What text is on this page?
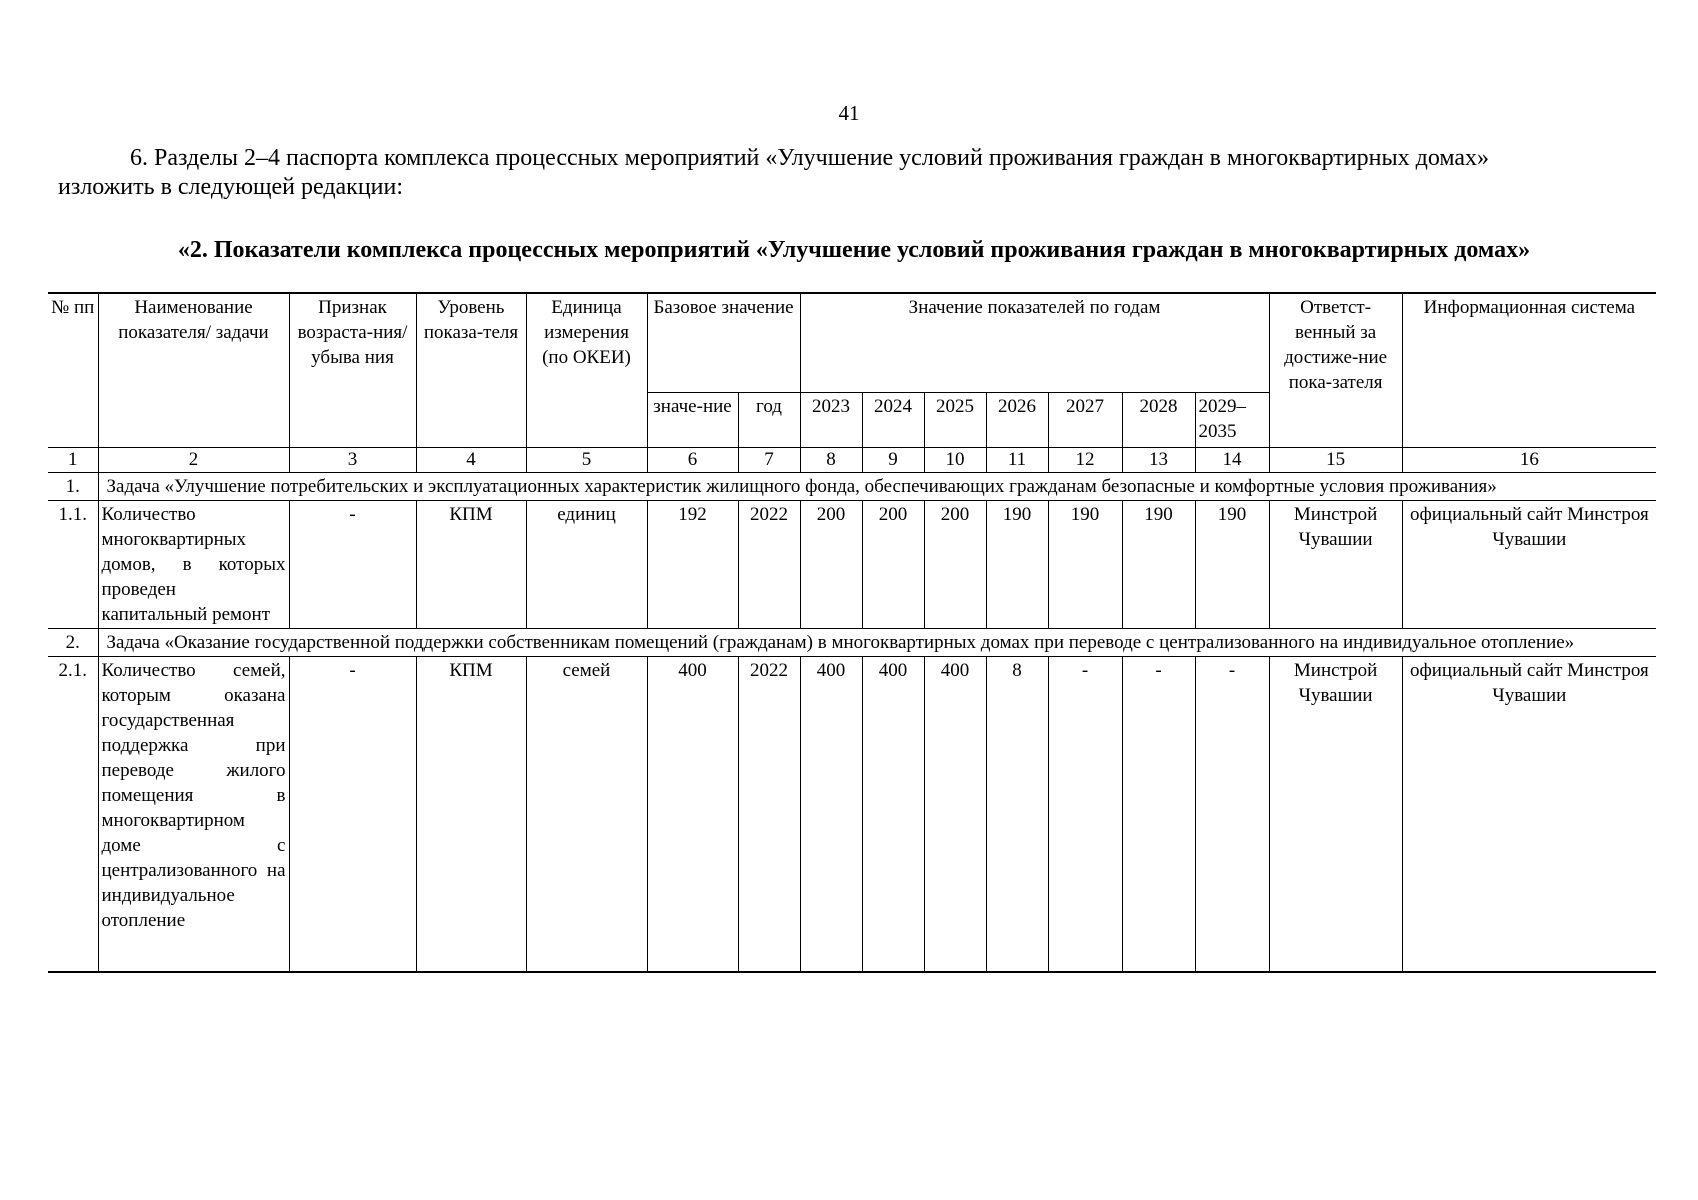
41
6. Разделы 2–4 паспорта комплекса процессных мероприятий «Улучшение условий проживания граждан в многоквартирных домах»
изложить в следующей редакции:
«2. Показатели комплекса процессных мероприятий «Улучшение условий проживания граждан в многоквартирных домах»
№ пп	Наименование показателя/ задачи	Признак возраста-ния/убыва ния	Уровень показа-теля	Единица измерения (по ОКЕИ)	Базовое значение		Значение показателей по годам							Ответст-венный за достиже-ние пока-зателя	Информационная система
					значе-ние	год	2023	2024	2025	2026	2027	2028	2029–2035		
1	2	3	4	5	6	7	8	9	10	11	12	13	14	15	16
1.	Задача «Улучшение потребительских и эксплуатационных характеристик жилищного фонда, обеспечивающих гражданам безопасные и комфортные условия проживания»														
1.1.	Количество многоквартирных домов, в которых проведен капитальный ремонт	-	КПМ	единиц	192	2022	200	200	200	190	190	190	190	Минстрой Чувашии	официальный сайт Минстроя Чувашии
2.	Задача «Оказание государственной поддержки собственникам помещений (гражданам) в многоквартирных домах при переводе с централизованного на индивидуальное отопление»														
2.1.	Количество семей, которым оказана государственная поддержка при переводе жилого помещения в многоквартирном доме с централизованного на индивидуальное отопление	-	КПМ	семей	400	2022	400	400	400	8	-	-	-	Минстрой Чувашии	официальный сайт Минстроя Чувашии
